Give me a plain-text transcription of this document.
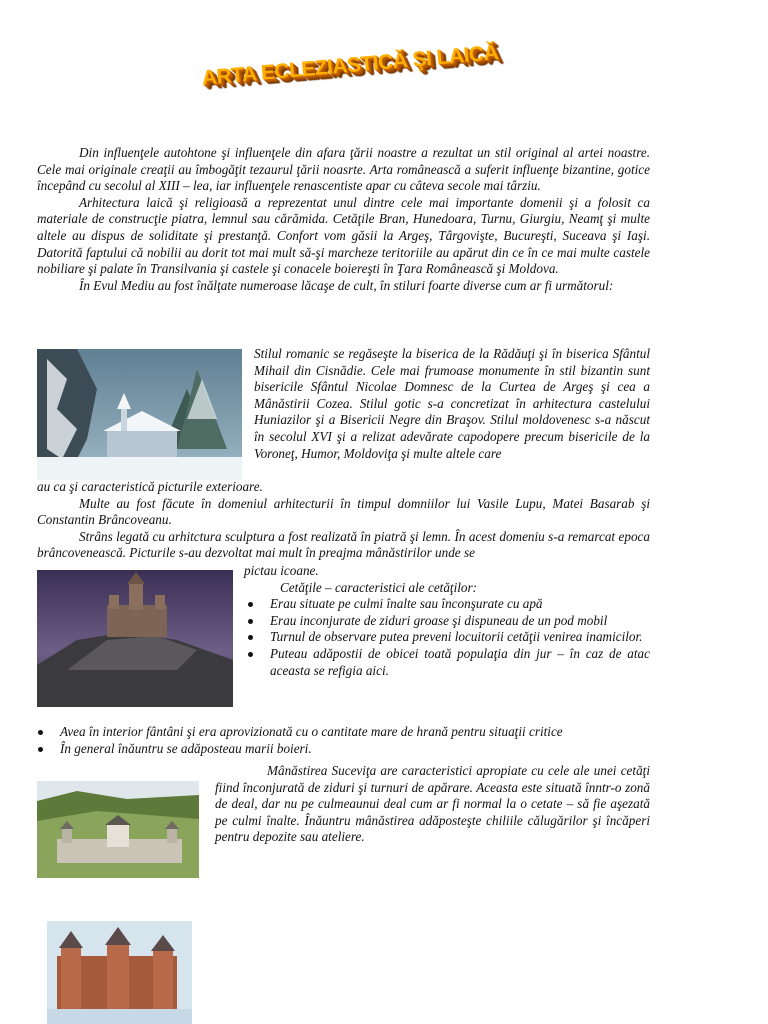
ARTA ECLEZIASTICĂ ŞI LAICĂ

Din influenţele autohtone şi influenţele din afara ţării noastre a rezultat un stil original al artei noastre. Cele mai originale creaţii au îmbogăţit tezaurul ţării noasrte. Arta românească a suferit influenţe bizantine, gotice începând cu secolul al XIII – lea, iar influenţele renascentiste apar cu câteva secole mai târziu.

Arhitectura laică şi religioasă a reprezentat unul dintre cele mai importante domenii şi a folosit ca materiale de construcţie piatra, lemnul sau cărămida. Cetăţile Bran, Hunedoara, Turnu, Giurgiu, Neamţ şi multe altele au dispus de soliditate şi prestanţă. Confort vom găsii la Argeş, Târgovişte, Bucureşti, Suceava şi Iaşi. Datorită faptului că nobilii au dorit tot mai mult să-şi marcheze teritoriile au apărut din ce în ce mai multe castele nobiliare şi palate în Transilvania şi castele şi conacele boiereşti în Ţara Românească şi Moldova.

În Evul Mediu au fost înălţate numeroase lăcaşe de cult, în stiluri foarte diverse cum ar fi următorul:

Stilul romanic se regăseşte la biserica de la Rădăuţi şi în biserica Sfântul Mihail din Cisnădie. Cele mai frumoase monumente în stil bizantin sunt bisericile Sfântul Nicolae Domnesc de la Curtea de Argeş şi cea a Mânăstirii Cozea. Stilul gotic s-a concretizat în arhitectura castelului Huniazilor şi a Bisericii Negre din Braşov. Stilul moldovenesc s-a născut în secolul XVI şi a relizat adevărate capodopere precum bisericile de la Voroneţ, Humor, Moldoviţa şi multe altele care

au ca şi caracteristică picturile exterioare.

Multe au fost făcute în domeniul arhitecturii în timpul domniilor lui Vasile Lupu, Matei Basarab şi Constantin Brâncoveanu.

Strâns legată cu arhitctura sculptura a fost realizată în piatră şi lemn. În acest domeniu s-a remarcat epoca brâncovenească. Picturile s-au dezvoltat mai mult în preajma mânăstirilor unde se

pictau icoane.

Cetăţile – caracteristici ale cetăţilor:

Erau situate pe culmi înalte sau înconşurate cu apă
Erau inconjurate de ziduri groase şi dispuneau de un pod mobil
Turnul de observare putea preveni locuitorii cetăţii venirea inamicilor.
Puteau adăpostii de obicei toată populaţia din jur – în caz de atac aceasta se refigia aici.
Avea în interior fântâni şi era aprovizionată cu o cantitate mare de hrană pentru situaţii critice
În general înăuntru se adăposteau marii boieri.

Mânăstirea Suceviţa are caracteristici apropiate cu cele ale unei cetăţi fiind înconjurată de ziduri şi turnuri de apărare. Aceasta este situată înntr-o zonă de deal, dar nu pe culmeaunui deal cum ar fi normal la o cetate – să fie aşezată pe culmi înalte. Înăuntru mânăstirea adăposteşte chiliile călugărilor şi încăperi pentru depozite sau ateliere.
